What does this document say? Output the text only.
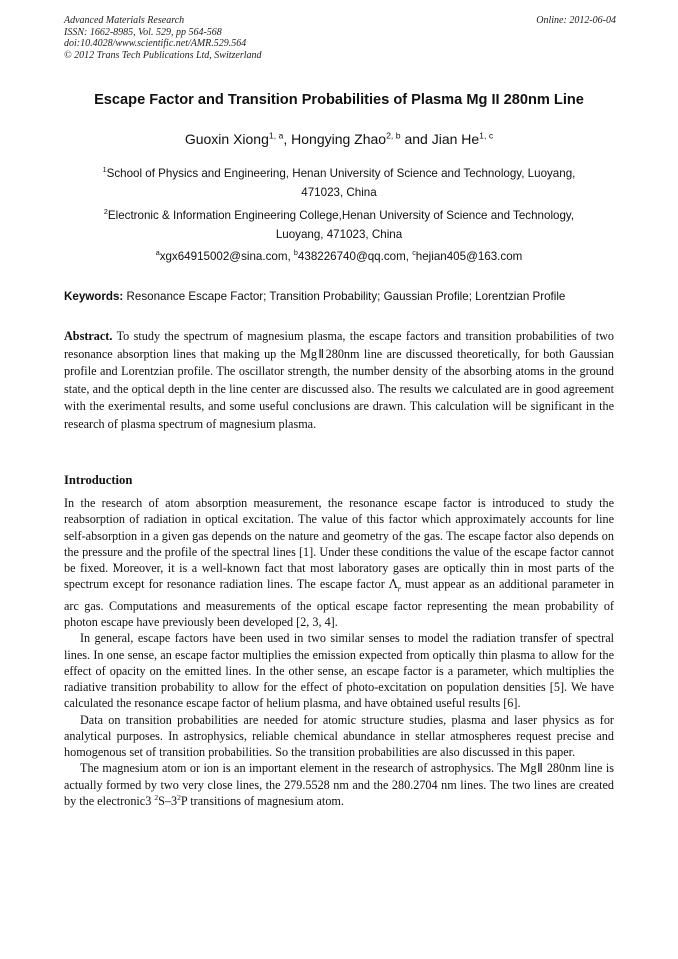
Advanced Materials Research
ISSN: 1662-8985, Vol. 529, pp 564-568
doi:10.4028/www.scientific.net/AMR.529.564
© 2012 Trans Tech Publications Ltd, Switzerland
Online: 2012-06-04
Escape Factor and Transition Probabilities of Plasma Mg II 280nm Line
Guoxin Xiong$^{1, a}$, Hongying Zhao$^{2, b}$ and Jian He$^{1, c}$
$^1$School of Physics and Engineering, Henan University of Science and Technology, Luoyang, 471023, China
$^2$Electronic & Information Engineering College,Henan University of Science and Technology, Luoyang, 471023, China
$^a$xgx64915002@sina.com, $^b$438226740@qq.com, $^c$hejian405@163.com
Keywords: Resonance Escape Factor; Transition Probability; Gaussian Profile; Lorentzian Profile
Abstract. To study the spectrum of magnesium plasma, the escape factors and transition probabilities of two resonance absorption lines that making up the MgⅡ280nm line are discussed theoretically, for both Gaussian profile and Lorentzian profile. The oscillator strength, the number density of the absorbing atoms in the ground state, and the optical depth in the line center are discussed also. The results we calculated are in good agreement with the exerimental results, and some useful conclusions are drawn. This calculation will be significant in the research of plasma spectrum of magnesium plasma.
Introduction

In the research of atom absorption measurement, the resonance escape factor is introduced to study the reabsorption of radiation in optical excitation. The value of this factor which approximately accounts for line self-absorption in a given gas depends on the nature and geometry of the gas. The escape factor also depends on the pressure and the profile of the spectral lines [1]. Under these conditions the value of the escape factor cannot be fixed. Moreover, it is a well-known fact that most laboratory gases are optically thin in most parts of the spectrum except for resonance radiation lines. The escape factor $\Lambda_r$ must appear as an additional parameter in arc gas. Computations and measurements of the optical escape factor representing the mean probability of photon escape have previously been developed [2, 3, 4].

In general, escape factors have been used in two similar senses to model the radiation transfer of spectral lines. In one sense, an escape factor multiplies the emission expected from optically thin plasma to allow for the effect of opacity on the emitted lines. In the other sense, an escape factor is a parameter, which multiplies the radiative transition probability to allow for the effect of photo-excitation on population densities [5]. We have calculated the resonance escape factor of helium plasma, and have obtained useful results [6].

Data on transition probabilities are needed for atomic structure studies, plasma and laser physics as for analytical purposes. In astrophysics, reliable chemical abundance in stellar atmospheres request precise and homogenous set of transition probabilities. So the transition probabilities are also discussed in this paper.

The magnesium atom or ion is an important element in the research of astrophysics. The MgⅡ 280nm line is actually formed by two very close lines, the 279.5528 nm and the 280.2704 nm lines. The two lines are created by the electronic3 $^2S-3^2P$ transitions of magnesium atom.
